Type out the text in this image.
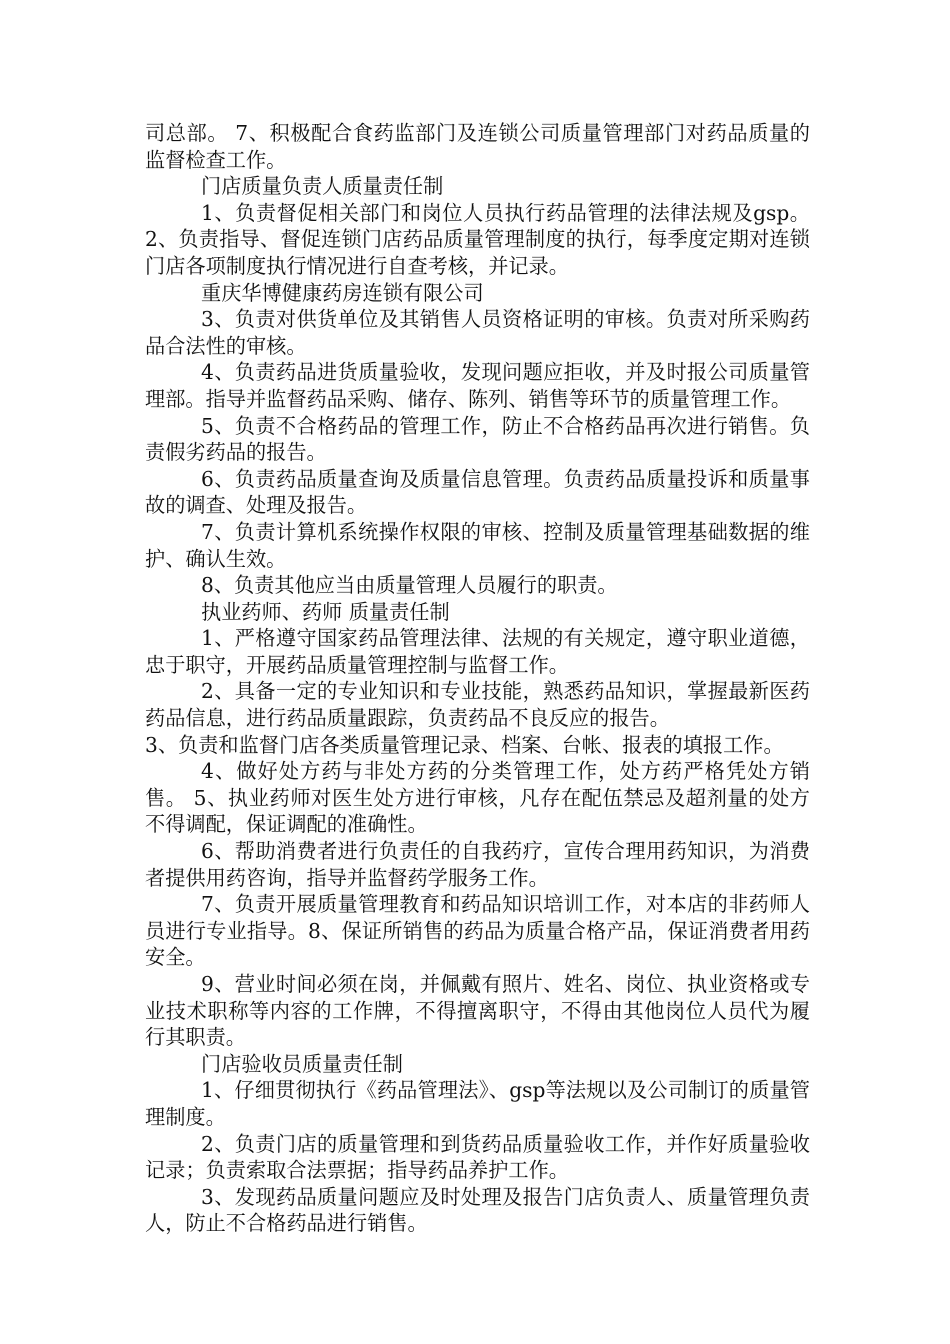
司总部。 7、积极配合食药监部门及连锁公司质量管理部门对药品质量的监督检查工作。

门店质量负责人质量责任制

1、负责督促相关部门和岗位人员执行药品管理的法律法规及gsp。 2、负责指导、督促连锁门店药品质量管理制度的执行，每季度定期对连锁门店各项制度执行情况进行自查考核，并记录。

重庆华博健康药房连锁有限公司

3、负责对供货单位及其销售人员资格证明的审核。负责对所采购药品合法性的审核。

4、负责药品进货质量验收，发现问题应拒收，并及时报公司质量管理部。指导并监督药品采购、储存、陈列、销售等环节的质量管理工作。

5、负责不合格药品的管理工作，防止不合格药品再次进行销售。负责假劣药品的报告。

6、负责药品质量查询及质量信息管理。负责药品质量投诉和质量事故的调查、处理及报告。

7、负责计算机系统操作权限的审核、控制及质量管理基础数据的维护、确认生效。

8、负责其他应当由质量管理人员履行的职责。

执业药师、药师 质量责任制

1、严格遵守国家药品管理法律、法规的有关规定，遵守职业道德，忠于职守，开展药品质量管理控制与监督工作。

2、具备一定的专业知识和专业技能，熟悉药品知识，掌握最新医药药品信息，进行药品质量跟踪，负责药品不良反应的报告。

3、负责和监督门店各类质量管理记录、档案、台帐、报表的填报工作。

4、做好处方药与非处方药的分类管理工作，处方药严格凭处方销售。 5、执业药师对医生处方进行审核，凡存在配伍禁忌及超剂量的处方不得调配，保证调配的准确性。

6、帮助消费者进行负责任的自我药疗，宣传合理用药知识，为消费者提供用药咨询，指导并监督药学服务工作。

7、负责开展质量管理教育和药品知识培训工作，对本店的非药师人员进行专业指导。8、保证所销售的药品为质量合格产品，保证消费者用药安全。

9、营业时间必须在岗，并佩戴有照片、姓名、岗位、执业资格或专业技术职称等内容的工作牌，不得擅离职守，不得由其他岗位人员代为履行其职责。

门店验收员质量责任制

1、仔细贯彻执行《药品管理法》、gsp等法规以及公司制订的质量管理制度。

2、负责门店的质量管理和到货药品质量验收工作，并作好质量验收记录；负责索取合法票据；指导药品养护工作。

3、发现药品质量问题应及时处理及报告门店负责人、质量管理负责人，防止不合格药品进行销售。
